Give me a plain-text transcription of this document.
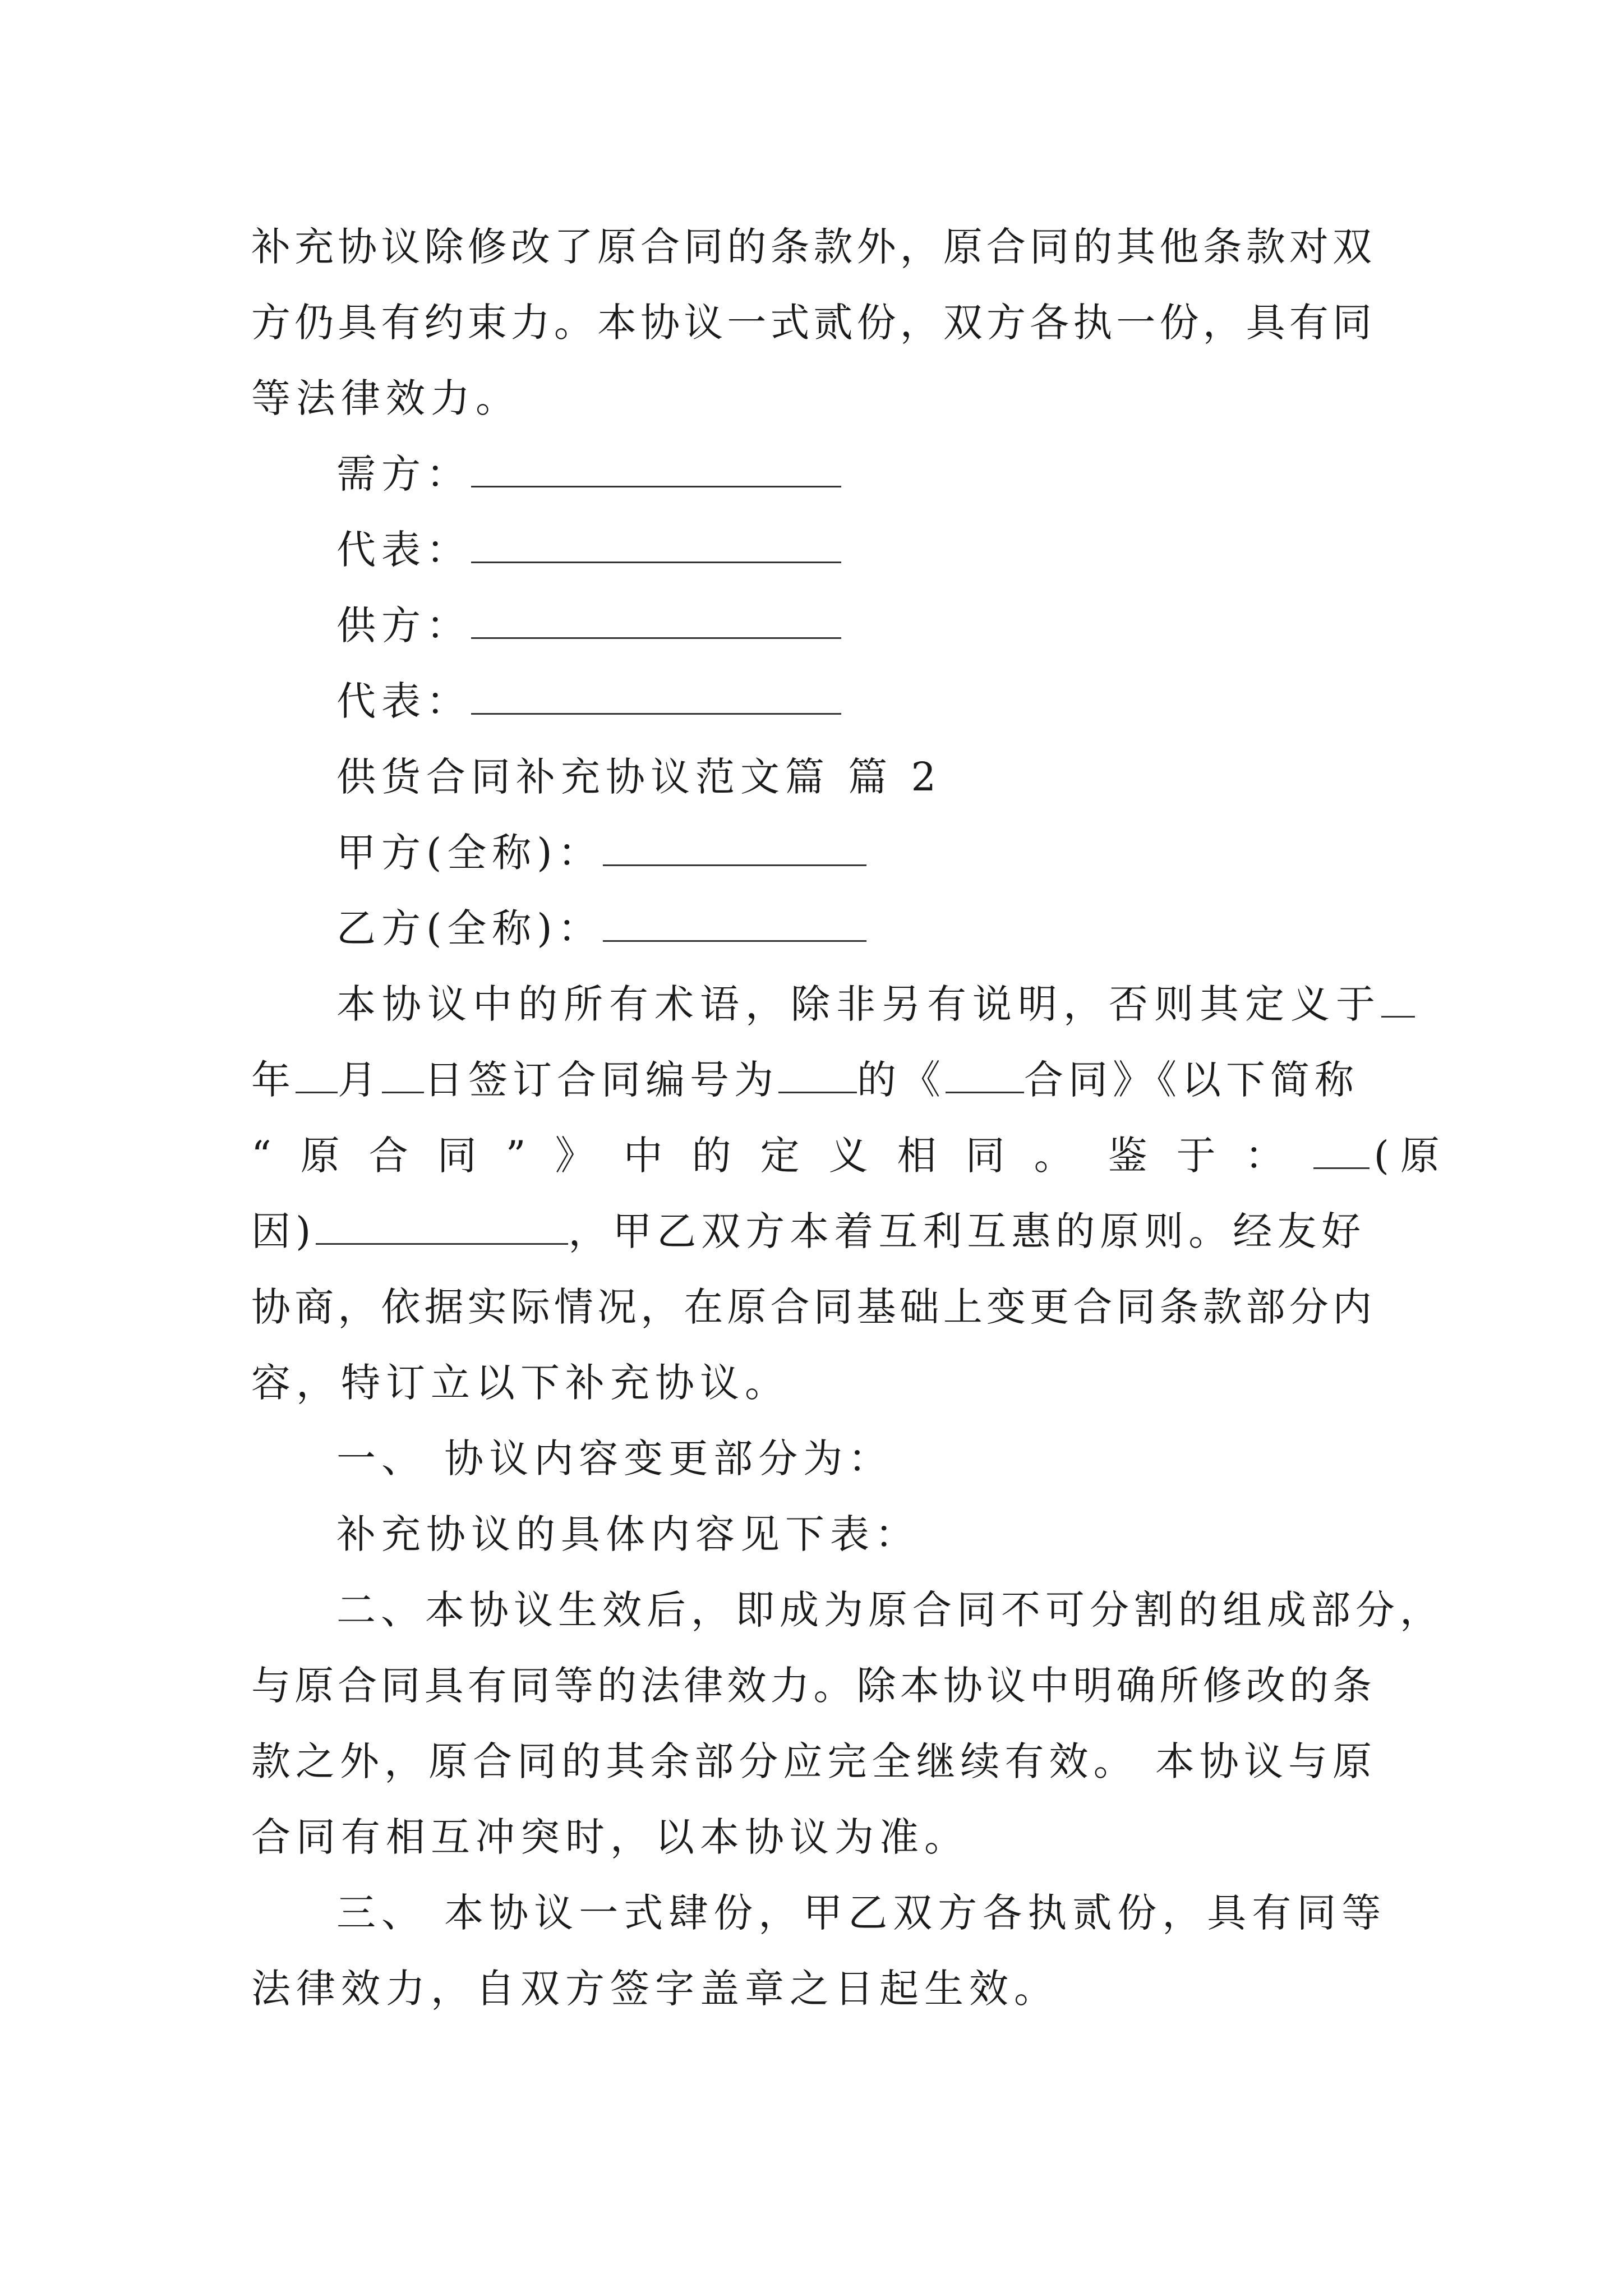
补充协议除修改了原合同的条款外，原合同的其他条款对双
方仍具有约束力。本协议一式贰份，双方各执一份，具有同
等法律效力。
需方：
代表：
供方：
代表：
供货合同补充协议范文篇 篇 2
甲方(全称)：
乙方(全称)：
本协议中的所有术语，除非另有说明，否则其定义于
年 月 日签订合同编号为 的《 合同》《以下简称
“原合同”》中的定义相同。 鉴于： (原
因)	，甲乙双方本着互利互惠的原则。经友好
协商，依据实际情况，在原合同基础上变更合同条款部分内
容，特订立以下补充协议。
一、 协议内容变更部分为：
补充协议的具体内容见下表：
二、本协议生效后，即成为原合同不可分割的组成部分，
与原合同具有同等的法律效力。除本协议中明确所修改的条
款之外，原合同的其余部分应完全继续有效。 本协议与原
合同有相互冲突时，以本协议为准。
三、 本协议一式肆份，甲乙双方各执贰份，具有同等
法律效力，自双方签字盖章之日起生效。
